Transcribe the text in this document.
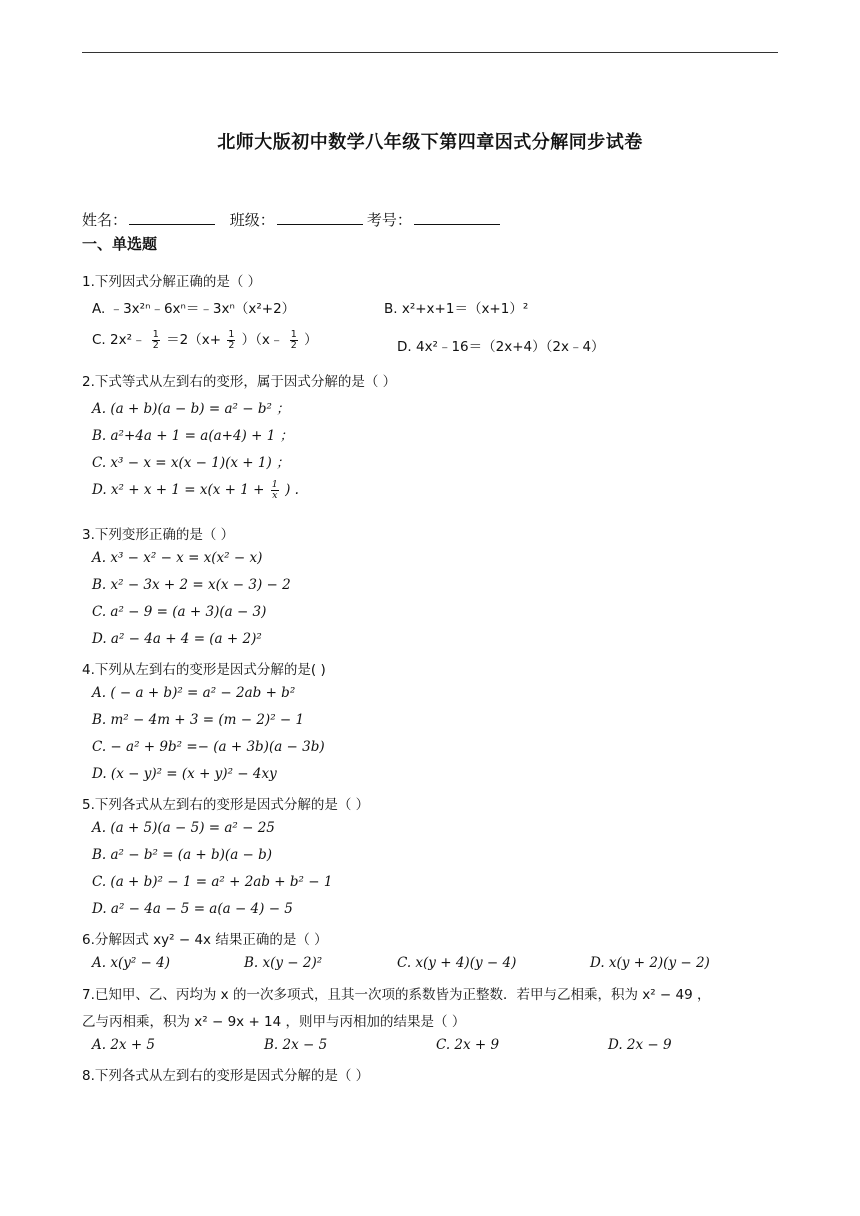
北师大版初中数学八年级下第四章因式分解同步试卷
姓名：	班级：	考号：
一、单选题
1.下列因式分解正确的是（ ）
A. ﹣3x²ⁿ﹣6xⁿ＝﹣3xⁿ（x²+2）	B. x²+x+1＝（x+1）²
C. 2x²﹣ $\frac{1}{2} =2(x+ \frac{1}{2}$ ）（x﹣ $\frac{1}{2}$ ）	D. 4x²﹣16＝（2x+4）（2x﹣4）
2.下式等式从左到右的变形，属于因式分解的是（ ）
A. (a + b)(a − b) = a² − b² ；
B. a²+4a + 1 = a(a+4) + 1 ；
C. x³ − x = x(x − 1)(x + 1) ；
D. $x^2 + x + 1 = x(x + 1 + \frac{1}{x}$ ) .
3.下列变形正确的是（ ）
A. x³ − x² − x = x(x² − x)
B. x² − 3x + 2 = x(x − 3) − 2
C. a² − 9 = (a + 3)(a − 3)
D. a² − 4a + 4 = (a + 2)²
4.下列从左到右的变形是因式分解的是( )
A. ( − a + b)² = a² − 2ab + b²
B. m² − 4m + 3 = (m − 2)² − 1
C. − a² + 9b² =− (a + 3b)(a − 3b)
D. (x − y)² = (x + y)² − 4xy
5.下列各式从左到右的变形是因式分解的是（ ）
A. (a + 5)(a − 5) = a² − 25
B. a² − b² = (a + b)(a − b)
C. (a + b)² − 1 = a² + 2ab + b² − 1
D. a² − 4a − 5 = a(a − 4) − 5
6.分解因式 xy² − 4x 结果正确的是（ ）
A. x(y² − 4)	B. x(y − 2)²	C. x(y + 4)(y − 4)	D. x(y + 2)(y − 2)
7.已知甲、乙、丙均为 x 的一次多项式，且其一次项的系数皆为正整数．若甲与乙相乘，积为 x² − 49 ，
乙与丙相乘，积为 x² − 9x + 14 ，则甲与丙相加的结果是（ ）
A. 2x + 5	B. 2x − 5	C. 2x + 9	D. 2x − 9
8.下列各式从左到右的变形是因式分解的是（ ）
